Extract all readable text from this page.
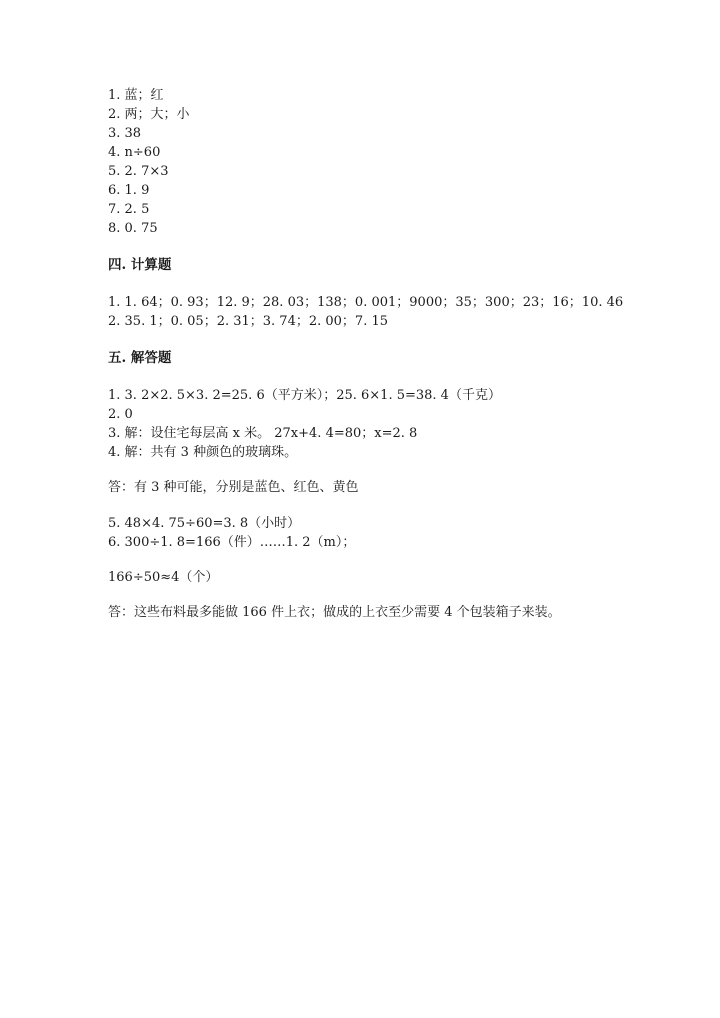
1. 蓝；红
2. 两；大；小
3. 38
4. n÷60
5. 2. 7×3
6. 1. 9
7. 2. 5
8. 0. 75
四. 计算题
1. 1. 64；0. 93；12. 9；28. 03；138；0. 001；9000；35；300；23；16；10. 46
2. 35. 1；0. 05；2. 31；3. 74；2. 00；7. 15
五. 解答题
1. 3. 2×2. 5×3. 2=25. 6（平方米）；25. 6×1. 5=38. 4（千克）
2. 0
3. 解：设住宅每层高 x 米。 27x+4. 4=80；x=2. 8
4. 解：共有 3 种颜色的玻璃珠。
答：有 3 种可能，分别是蓝色、红色、黄色
5. 48×4. 75÷60=3. 8（小时）
6. 300÷1. 8=166（件）……1. 2（m）；
166÷50≈4（个）
答：这些布料最多能做 166 件上衣；做成的上衣至少需要 4 个包装箱子来装。
